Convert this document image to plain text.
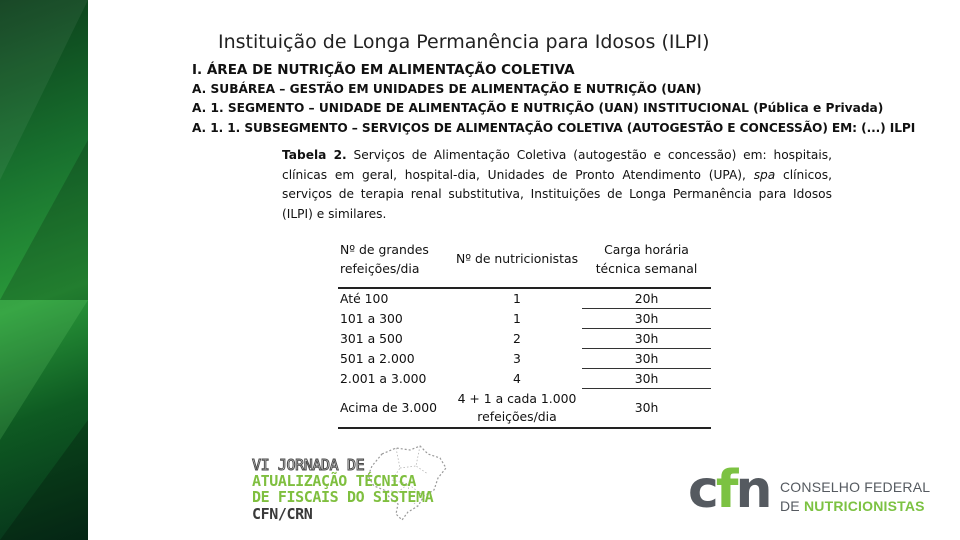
Instituição de Longa Permanência para Idosos (ILPI)

I. ÁREA DE NUTRIÇÃO EM ALIMENTAÇÃO COLETIVA

A. SUBÁREA – GESTÃO EM UNIDADES DE ALIMENTAÇÃO E NUTRIÇÃO (UAN)

A. 1. SEGMENTO – UNIDADE DE ALIMENTAÇÃO E NUTRIÇÃO (UAN) INSTITUCIONAL (Pública e Privada)

A. 1. 1. SUBSEGMENTO – SERVIÇOS DE ALIMENTAÇÃO COLETIVA (AUTOGESTÃO E CONCESSÃO) EM: (...) ILPI

Tabela 2. Serviços de Alimentação Coletiva (autogestão e concessão) em: hospitais, clínicas em geral, hospital-dia, Unidades de Pronto Atendimento (UPA), spa clínicos, serviços de terapia renal substitutiva, Instituições de Longa Permanência para Idosos (ILPI) e similares.

Nº de grandes refeições/dia	Nº de nutricionistas	Carga horária técnica semanal
Até 100	1	20h
101 a 300	1	30h
301 a 500	2	30h
501 a 2.000	3	30h
2.001 a 3.000	4	30h
Acima de 3.000	4 + 1 a cada 1.000 refeições/dia	30h

VI JORNADA DE

ATUALIZAÇÃO TÉCNICA

DE FISCAIS DO SISTEMA

CFN/CRN	cfn CONSELHO FEDERAL

DE NUTRICIONISTAS
